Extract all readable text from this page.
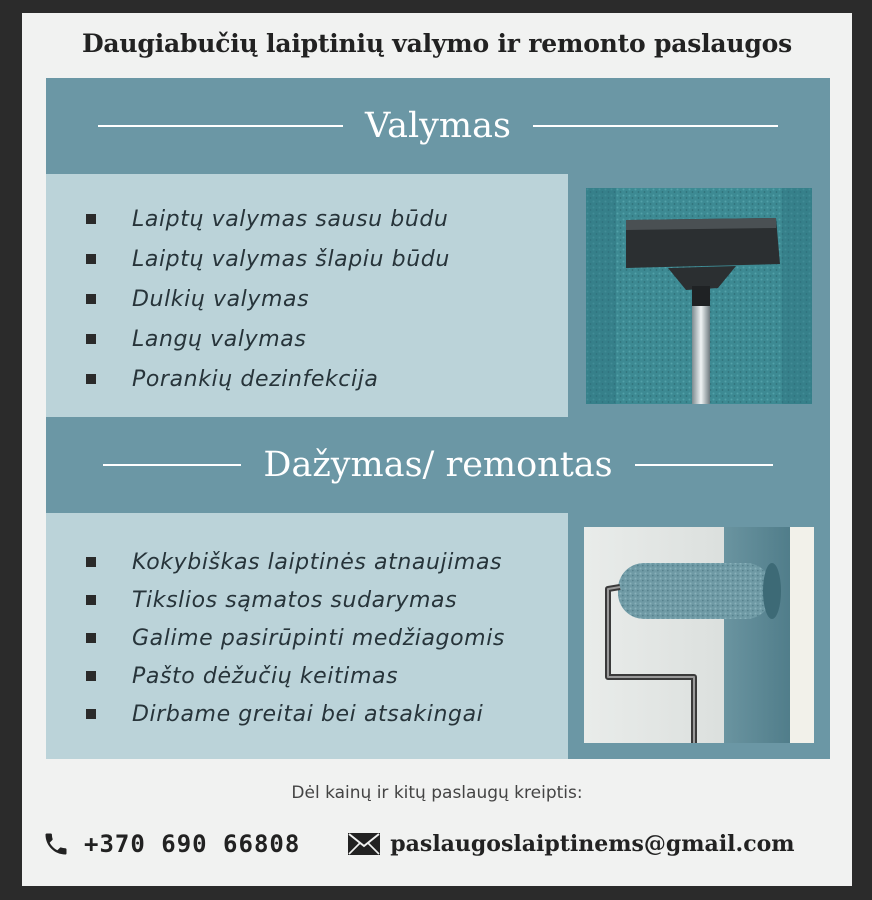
Daugiabučių laiptinių valymo ir remonto paslaugos
Valymas
Laiptų valymas sausu būdu
Laiptų valymas šlapiu būdu
Dulkių valymas
Langų valymas
Porankių dezinfekcija
Dažymas/ remontas
Kokybiškas laiptinės atnaujimas
Tikslios sąmatos sudarymas
Galime pasirūpinti medžiagomis
Pašto dėžučių keitimas
Dirbame greitai bei atsakingai
Dėl kainų ir kitų paslaugų kreiptis:
+370 690 66808	paslaugoslaiptinems@gmail.com
